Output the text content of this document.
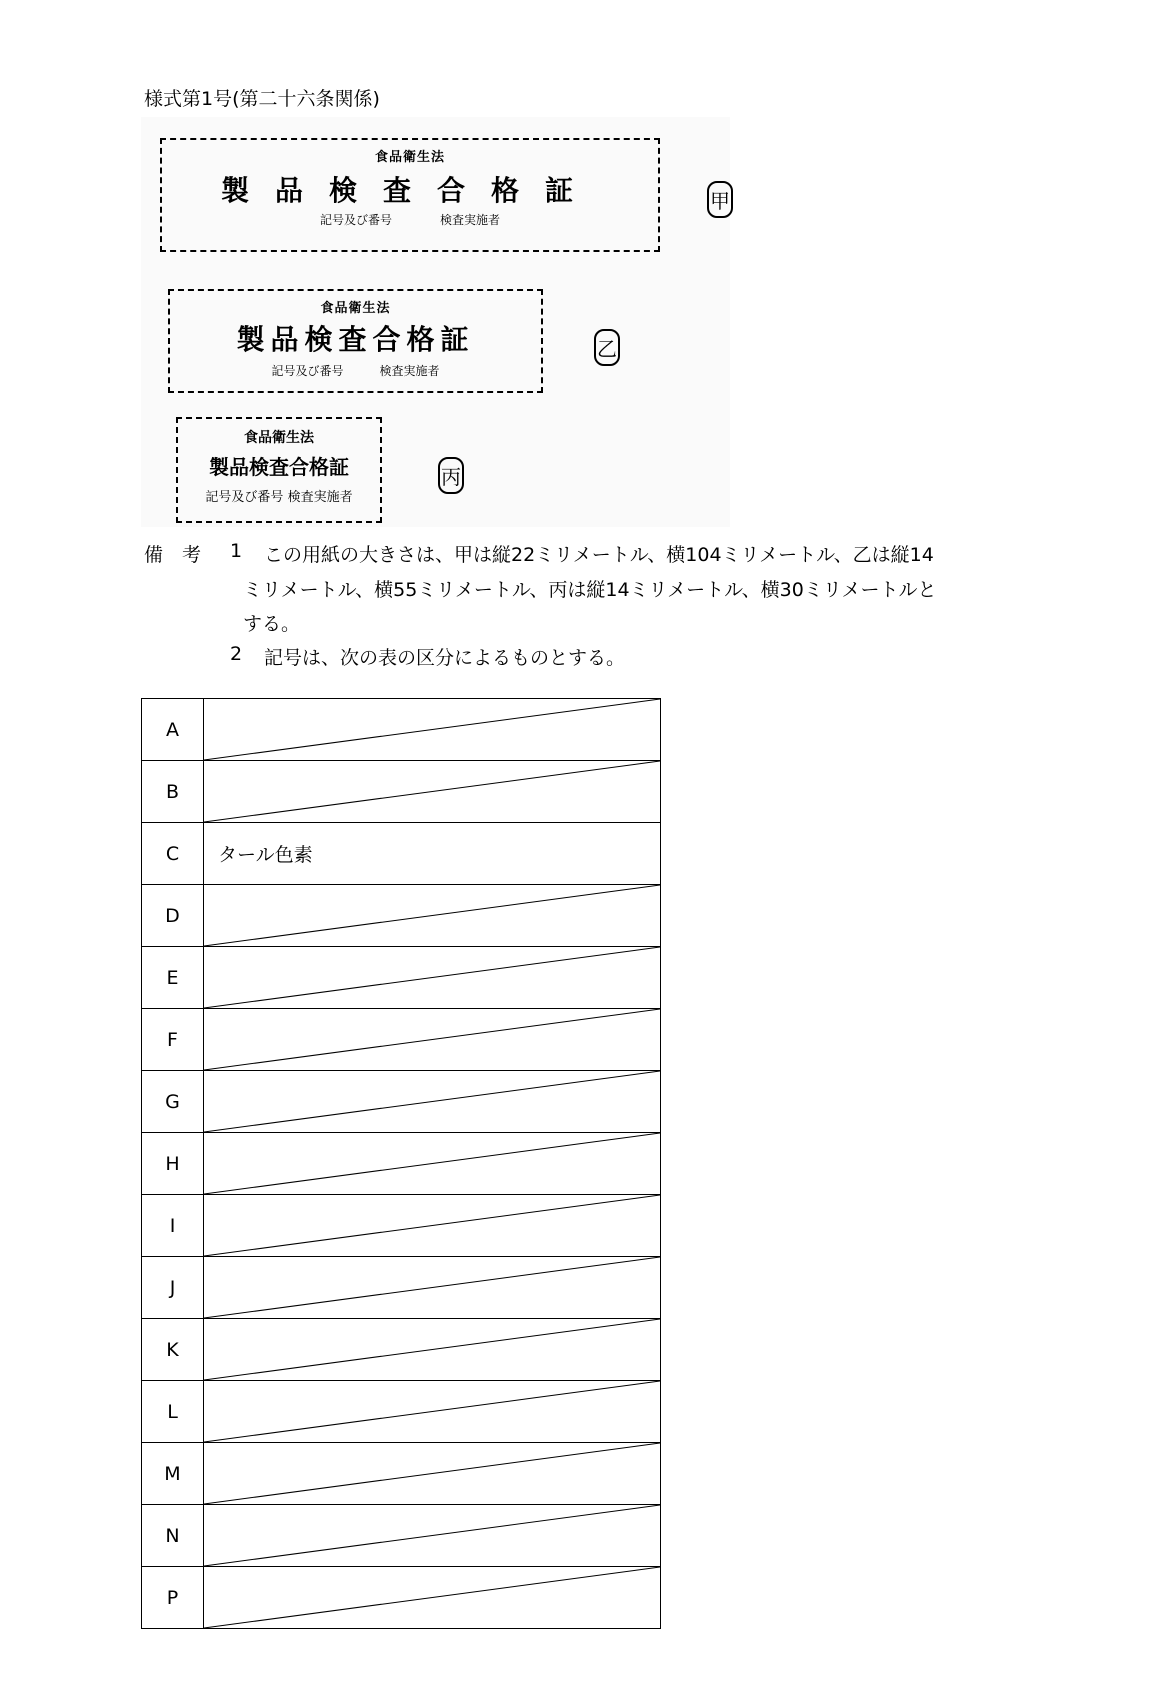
様式第1号(第二十六条関係)
食品衛生法
製品検査合格証
記号及び番号　　　　	検査実施者
甲
食品衛生法
製品検査合格証
記号及び番号　　　	検査実施者
乙
食品衛生法
製品検査合格証
記号及び番号 検査実施者
丙
備　考 1 この用紙の大きさは、甲は縦22ミリメートル、横104ミリメートル、乙は縦14
ミリメートル、横55ミリメートル、丙は縦14ミリメートル、横30ミリメートルと
する。
2 記号は、次の表の区分によるものとする。
A	

B	

C	タール色素
D	

E	

F	

G	

H	

I	

J	

K	

L	

M	

N	

P	
